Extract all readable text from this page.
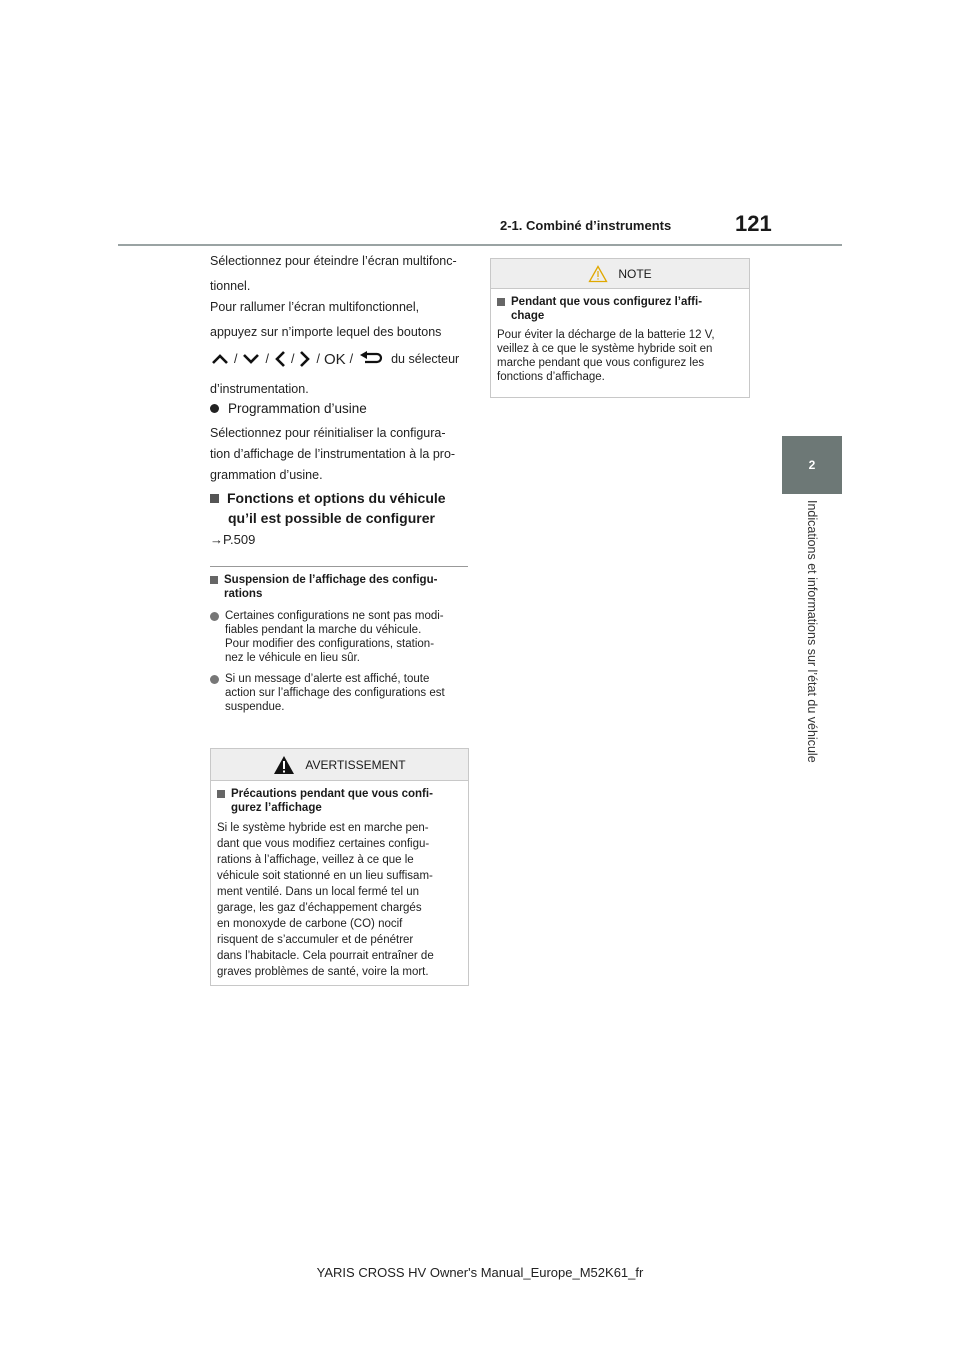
2-1. Combiné d’instruments	121
2
Indications et informations sur l’état du véhicule
Sélectionnez pour éteindre l’écran multifonc-
tionnel.
Pour rallumer l’écran multifonctionnel,
appuyez sur n’importe lequel des boutons
/ / / / OK /	du sélecteur
d’instrumentation.
Programmation d’usine
Sélectionnez pour réinitialiser la configura-
tion d’affichage de l’instrumentation à la pro-
grammation d’usine.
Fonctions et options du véhicule
qu’il est possible de configurer
→P.509
Suspension de l’affichage des configu-
rations
Certaines configurations ne sont pas modi-
fiables pendant la marche du véhicule.
Pour modifier des configurations, station-
nez le véhicule en lieu sûr.
Si un message d’alerte est affiché, toute
action sur l’affichage des configurations est
suspendue.
AVERTISSEMENT
Précautions pendant que vous confi-
gurez l’affichage
Si le système hybride est en marche pen-
dant que vous modifiez certaines configu-
rations à l’affichage, veillez à ce que le
véhicule soit stationné en un lieu suffisam-
ment ventilé. Dans un local fermé tel un
garage, les gaz d’échappement chargés
en monoxyde de carbone (CO) nocif
risquent de s’accumuler et de pénétrer
dans l’habitacle. Cela pourrait entraîner de
graves problèmes de santé, voire la mort.
NOTE
Pendant que vous configurez l’affi-
chage
Pour éviter la décharge de la batterie 12 V,
veillez à ce que le système hybride soit en
marche pendant que vous configurez les
fonctions d’affichage.
YARIS CROSS HV Owner's Manual_Europe_M52K61_fr
